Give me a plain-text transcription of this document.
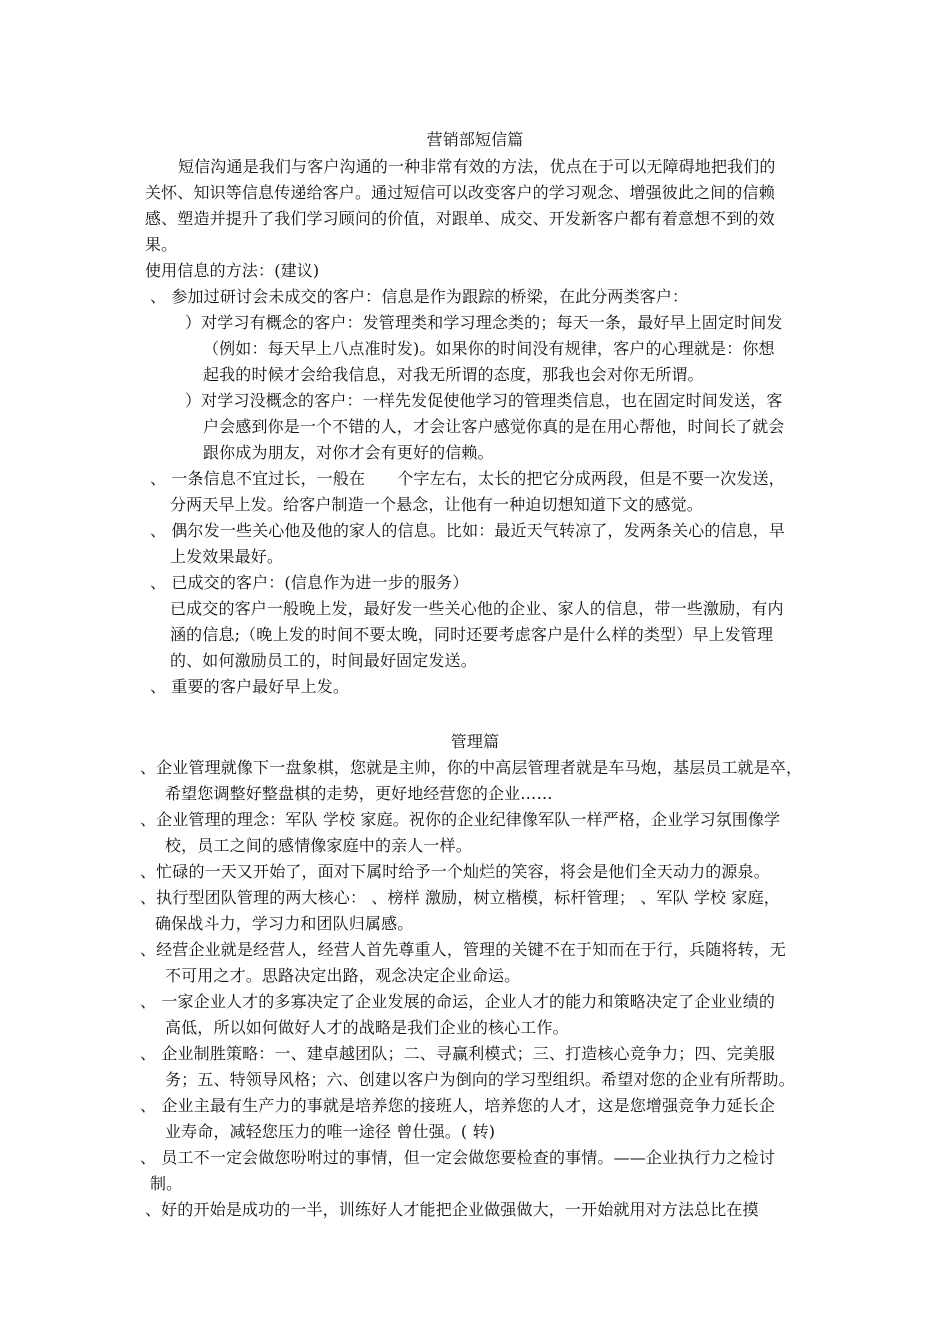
营销部短信篇
短信沟通是我们与客户沟通的一种非常有效的方法，优点在于可以无障碍地把我们的
关怀、知识等信息传递给客户。通过短信可以改变客户的学习观念、增强彼此之间的信赖
感、塑造并提升了我们学习顾问的价值，对跟单、成交、开发新客户都有着意想不到的效
果。
使用信息的方法：(建议)
、 参加过研讨会未成交的客户：信息是作为跟踪的桥梁，在此分两类客户：
）对学习有概念的客户：发管理类和学习理念类的；每天一条，最好早上固定时间发
（例如：每天早上八点准时发)。如果你的时间没有规律，客户的心理就是：你想
起我的时候才会给我信息，对我无所谓的态度，那我也会对你无所谓。
）对学习没概念的客户：一样先发促使他学习的管理类信息，也在固定时间发送，客
户会感到你是一个不错的人，才会让客户感觉你真的是在用心帮他，时间长了就会
跟你成为朋友，对你才会有更好的信赖。
、 一条信息不宜过长，一般在 个字左右，太长的把它分成两段，但是不要一次发送，
分两天早上发。给客户制造一个悬念，让他有一种迫切想知道下文的感觉。
、 偶尔发一些关心他及他的家人的信息。比如：最近天气转凉了，发两条关心的信息，早
上发效果最好。
、 已成交的客户：(信息作为进一步的服务）
已成交的客户一般晚上发，最好发一些关心他的企业、家人的信息，带一些激励，有内
涵的信息;（晚上发的时间不要太晚，同时还要考虑客户是什么样的类型）早上发管理
的、如何激励员工的，时间最好固定发送。
、 重要的客户最好早上发。
管理篇
、企业管理就像下一盘象棋，您就是主帅，你的中高层管理者就是车马炮，基层员工就是卒，
希望您调整好整盘棋的走势，更好地经营您的企业……
、企业管理的理念：军队 学校 家庭。祝你的企业纪律像军队一样严格，企业学习氛围像学
校，员工之间的感情像家庭中的亲人一样。
、忙碌的一天又开始了，面对下属时给予一个灿烂的笑容，将会是他们全天动力的源泉。
、执行型团队管理的两大核心： 、榜样 激励，树立楷模，标杆管理； 、军队 学校 家庭，
确保战斗力，学习力和团队归属感。
、经营企业就是经营人，经营人首先尊重人，管理的关键不在于知而在于行，兵随将转，无
不可用之才。思路决定出路，观念决定企业命运。
、 一家企业人才的多寡决定了企业发展的命运，企业人才的能力和策略决定了企业业绩的
高低，所以如何做好人才的战略是我们企业的核心工作。
、 企业制胜策略：一、建卓越团队；二、寻赢利模式；三、打造核心竞争力；四、完美服
务；五、特领导风格；六、创建以客户为倒向的学习型组织。希望对您的企业有所帮助。
、 企业主最有生产力的事就是培养您的接班人，培养您的人才，这是您增强竞争力延长企
业寿命，减轻您压力的唯一途径 曾仕强。( 转)
、 员工不一定会做您吩咐过的事情，但一定会做您要检查的事情。——企业执行力之检讨
制。
、好的开始是成功的一半，训练好人才能把企业做强做大，一开始就用对方法总比在摸
